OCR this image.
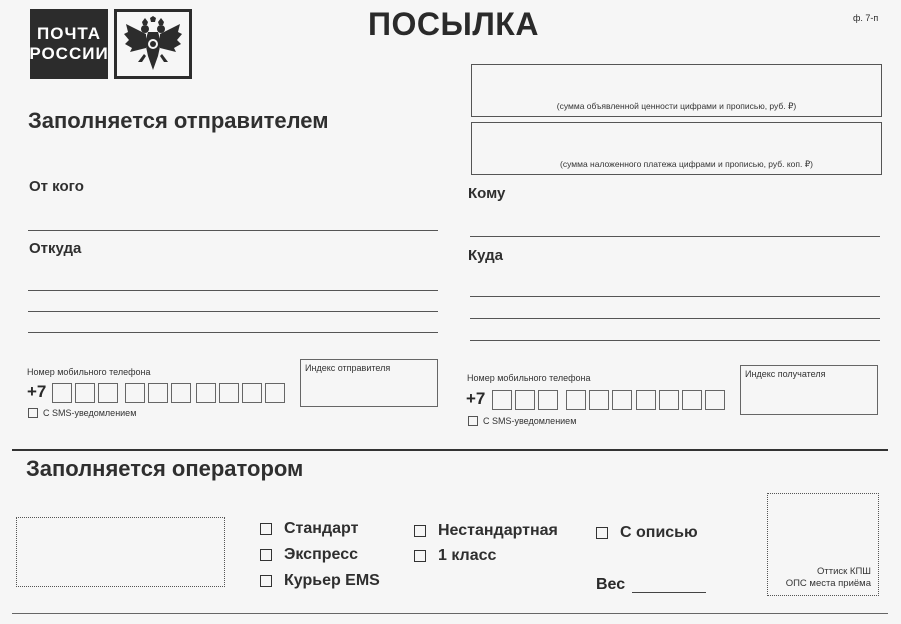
ПОЧТА
РОССИИ
ПОСЫЛКА	ф. 7-п
(сумма объявленной ценности цифрами и прописью, руб. ₽)
(сумма наложенного платежа цифрами и прописью, руб. коп. ₽)
Заполняется отправителем
От кого
Откуда
Номер мобильного телефона
+7
С SMS-уведомлением
Индекс отправителя
Кому
Куда
Номер мобильного телефона
+7
С SMS-уведомлением
Индекс получателя
Заполняется оператором
Стандарт
Экспресс
Курьер EMS
Нестандартная
1 класс
С описью
Вес
Оттиск КПШ
ОПС места приёма
